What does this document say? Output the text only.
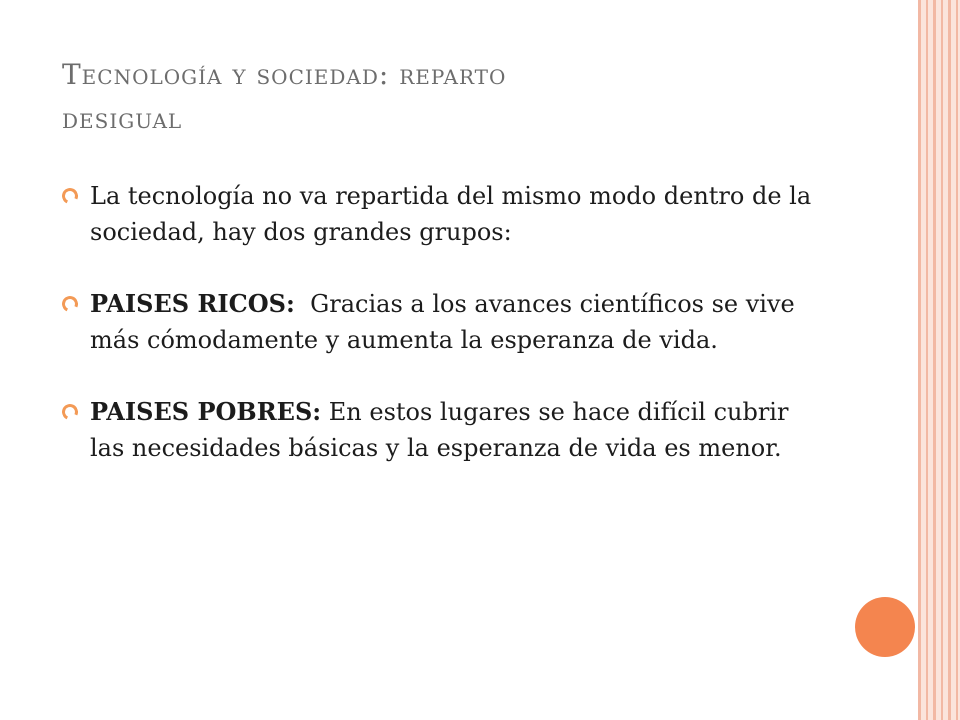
Tecnología y sociedad: reparto
desigual
La tecnología no va repartida del mismo modo dentro de la sociedad, hay dos grandes grupos:
PAISES RICOS:  Gracias a los avances científicos se vive más cómodamente y aumenta la esperanza de vida.
PAISES POBRES: En estos lugares se hace difícil cubrir las necesidades básicas y la esperanza de vida es menor.
